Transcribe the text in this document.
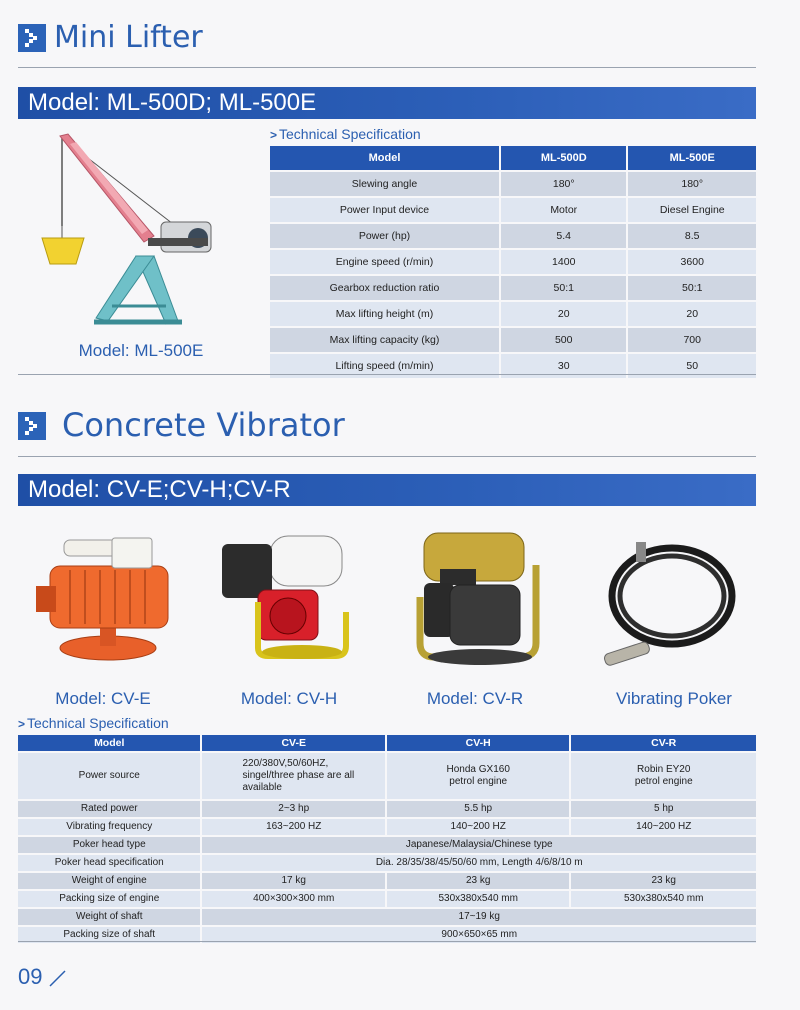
Mini Lifter
Model: ML-500D; ML-500E
Model: ML-500E
> Technical Specification
Model	ML-500D	ML-500E
Slewing angle	180°	180°
Power Input device	Motor	Diesel Engine
Power (hp)	5.4	8.5
Engine speed (r/min)	1400	3600
Gearbox reduction ratio	50:1	50:1
Max lifting height (m)	20	20
Max lifting capacity (kg)	500	700
Lifting speed (m/min)	30	50
Concrete Vibrator
Model: CV-E;CV-H;CV-R
Model: CV-E	Model: CV-H	Model: CV-R	Vibrating Poker
> Technical Specification
Model	CV-E	CV-H	CV-R
Power source	220/380V,50/60HZ, singel/three phase are all available	Honda GX160 petrol engine	Robin EY20 petrol engine
Rated power	2~3 hp	5.5 hp	5 hp
Vibrating frequency	163~200 HZ	140~200 HZ	140~200 HZ
Poker head type	Japanese/Malaysia/Chinese type		
Poker head specification	Dia. 28/35/38/45/50/60 mm, Length 4/6/8/10 m		
Weight of engine	17 kg	23 kg	23 kg
Packing size of engine	400×300×300 mm	530x380x540 mm	530x380x540 mm
Weight of shaft	17~19 kg		
Packing size of shaft	900×650×65 mm		
09
